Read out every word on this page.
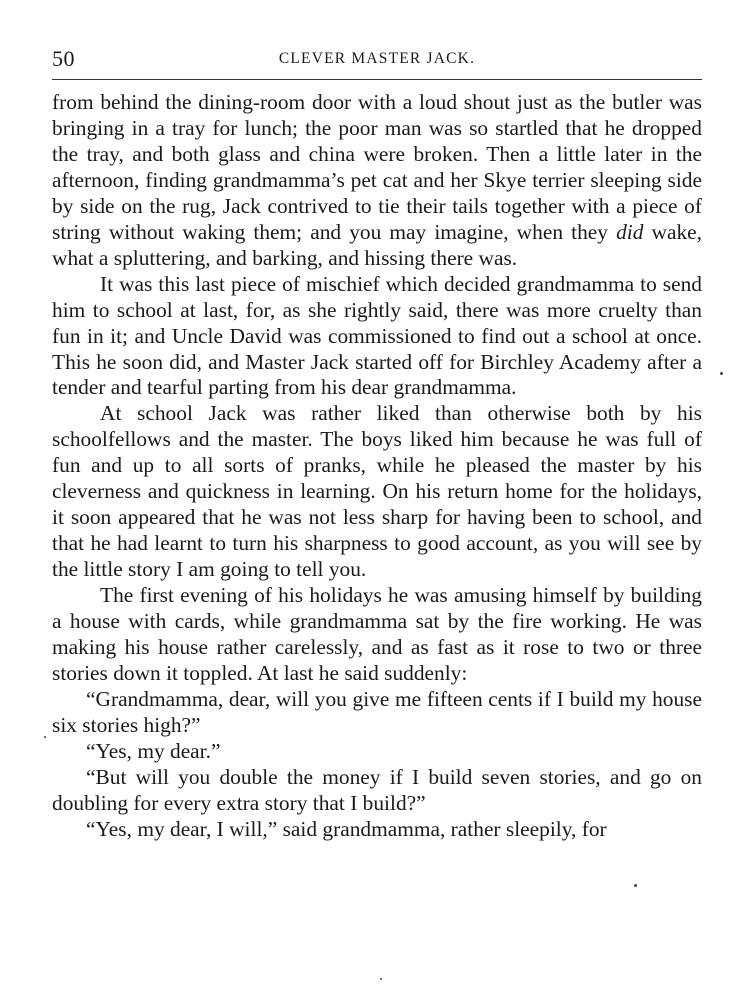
50	CLEVER MASTER JACK.

from behind the dining-room door with a loud shout just as the butler was bringing in a tray for lunch; the poor man was so startled that he dropped the tray, and both glass and china were broken. Then a little later in the afternoon, finding grandmamma’s pet cat and her Skye terrier sleeping side by side on the rug, Jack contrived to tie their tails together with a piece of string without waking them; and you may imagine, when they did wake, what a spluttering, and barking, and hissing there was.

It was this last piece of mischief which decided grandmamma to send him to school at last, for, as she rightly said, there was more cruelty than fun in it; and Uncle David was commissioned to find out a school at once. This he soon did, and Master Jack started off for Birchley Academy after a tender and tearful parting from his dear grandmamma.

At school Jack was rather liked than otherwise both by his schoolfellows and the master. The boys liked him because he was full of fun and up to all sorts of pranks, while he pleased the master by his cleverness and quickness in learning. On his return home for the holidays, it soon appeared that he was not less sharp for having been to school, and that he had learnt to turn his sharpness to good account, as you will see by the little story I am going to tell you.

The first evening of his holidays he was amusing himself by building a house with cards, while grandmamma sat by the fire working. He was making his house rather carelessly, and as fast as it rose to two or three stories down it toppled. At last he said suddenly:

“Grandmamma, dear, will you give me fifteen cents if I build my house six stories high?”

“Yes, my dear.”

“But will you double the money if I build seven stories, and go on doubling for every extra story that I build?”

“Yes, my dear, I will,” said grandmamma, rather sleepily, for
